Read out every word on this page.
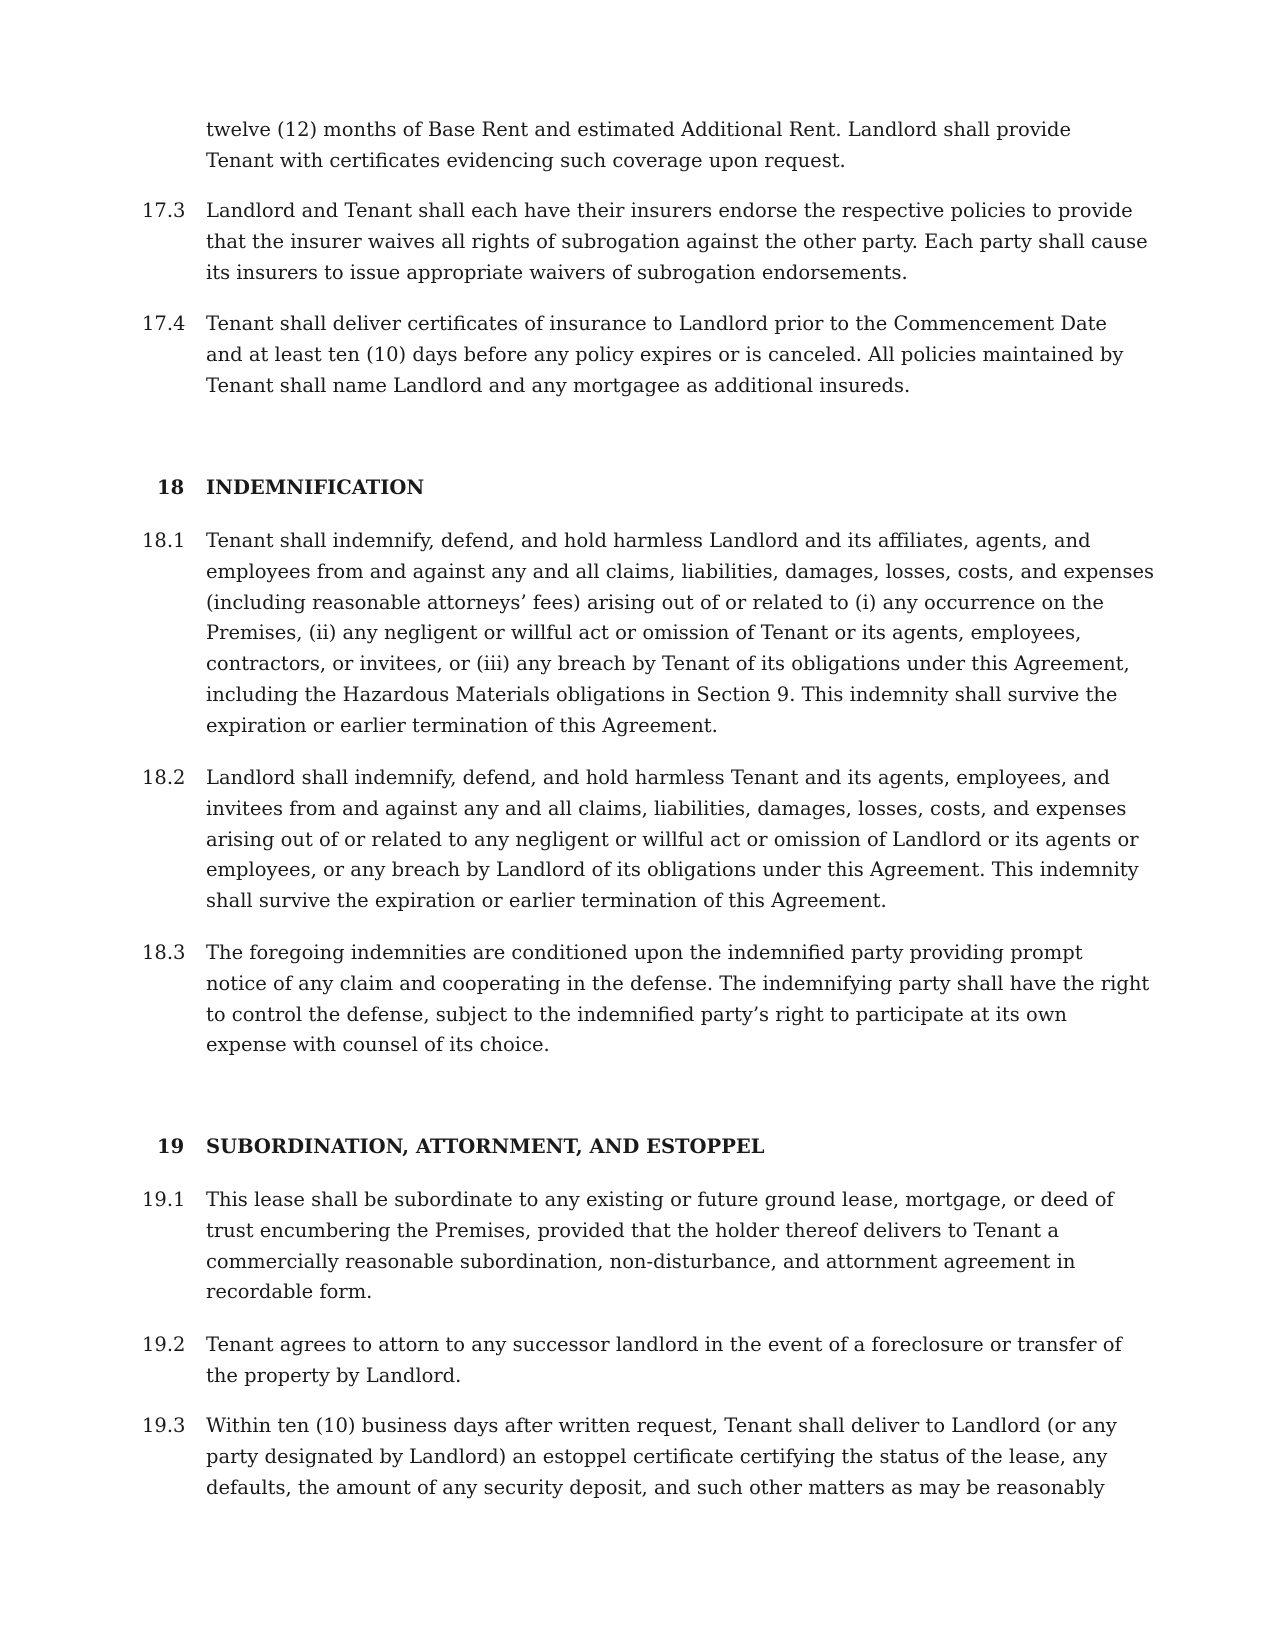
twelve (12) months of Base Rent and estimated Additional Rent. Landlord shall provide
Tenant with certificates evidencing such coverage upon request.
17.3	Landlord and Tenant shall each have their insurers endorse the respective policies to provide
that the insurer waives all rights of subrogation against the other party. Each party shall cause
its insurers to issue appropriate waivers of subrogation endorsements.
17.4	Tenant shall deliver certificates of insurance to Landlord prior to the Commencement Date
and at least ten (10) days before any policy expires or is canceled. All policies maintained by
Tenant shall name Landlord and any mortgagee as additional insureds.
18	INDEMNIFICATION
18.1	Tenant shall indemnify, defend, and hold harmless Landlord and its affiliates, agents, and
employees from and against any and all claims, liabilities, damages, losses, costs, and expenses
(including reasonable attorneys’ fees) arising out of or related to (i) any occurrence on the
Premises, (ii) any negligent or willful act or omission of Tenant or its agents, employees,
contractors, or invitees, or (iii) any breach by Tenant of its obligations under this Agreement,
including the Hazardous Materials obligations in Section 9. This indemnity shall survive the
expiration or earlier termination of this Agreement.
18.2	Landlord shall indemnify, defend, and hold harmless Tenant and its agents, employees, and
invitees from and against any and all claims, liabilities, damages, losses, costs, and expenses
arising out of or related to any negligent or willful act or omission of Landlord or its agents or
employees, or any breach by Landlord of its obligations under this Agreement. This indemnity
shall survive the expiration or earlier termination of this Agreement.
18.3	The foregoing indemnities are conditioned upon the indemnified party providing prompt
notice of any claim and cooperating in the defense. The indemnifying party shall have the right
to control the defense, subject to the indemnified party’s right to participate at its own
expense with counsel of its choice.
19	SUBORDINATION, ATTORNMENT, AND ESTOPPEL
19.1	This lease shall be subordinate to any existing or future ground lease, mortgage, or deed of
trust encumbering the Premises, provided that the holder thereof delivers to Tenant a
commercially reasonable subordination, non-disturbance, and attornment agreement in
recordable form.
19.2	Tenant agrees to attorn to any successor landlord in the event of a foreclosure or transfer of
the property by Landlord.
19.3	Within ten (10) business days after written request, Tenant shall deliver to Landlord (or any
party designated by Landlord) an estoppel certificate certifying the status of the lease, any
defaults, the amount of any security deposit, and such other matters as may be reasonably
